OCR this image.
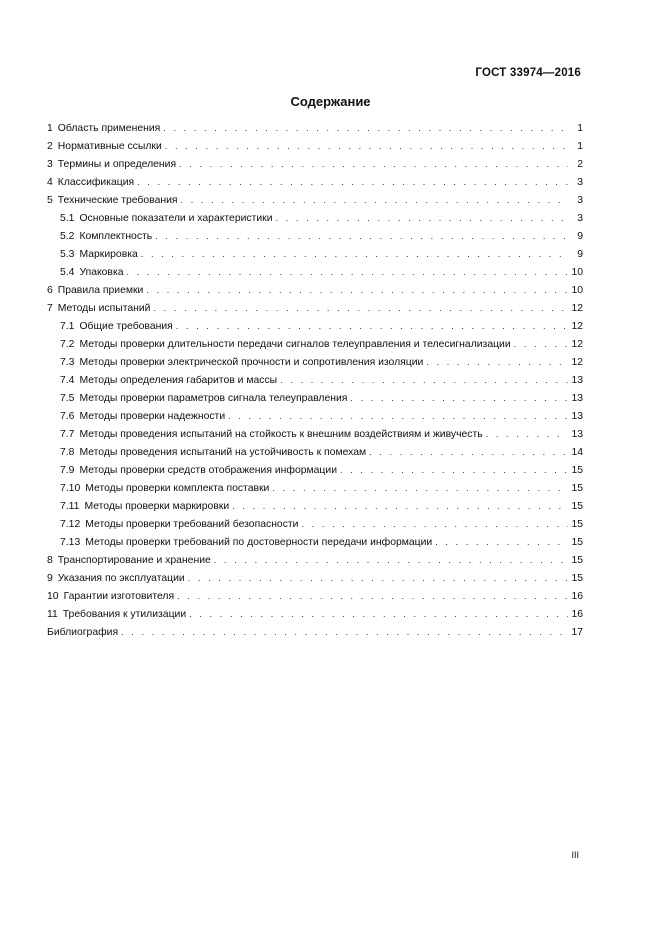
ГОСТ 33974—2016
Содержание
1 Область применения . . .	1
2 Нормативные ссылки . . .	1
3 Термины и определения . . .	2
4 Классификация . . .	3
5 Технические требования . . .	3
5.1 Основные показатели и характеристики . . .	3
5.2 Комплектность . . .	9
5.3 Маркировка . . .	9
5.4 Упаковка . . .	10
6 Правила приемки . . .	10
7 Методы испытаний . . .	12
7.1 Общие требования . . .	12
7.2 Методы проверки длительности передачи сигналов телеуправления и телесигнализации . . .	12
7.3 Методы проверки электрической прочности и сопротивления изоляции . . .	12
7.4 Методы определения габаритов и массы . . .	13
7.5 Методы проверки параметров сигнала телеуправления . . .	13
7.6 Методы проверки надежности . . .	13
7.7 Методы проведения испытаний на стойкость к внешним воздействиям и живучесть . . .	13
7.8 Методы проведения испытаний на устойчивость к помехам . . .	14
7.9 Методы проверки средств отображения информации . . .	15
7.10 Методы проверки комплекта поставки . . .	15
7.11 Методы проверки маркировки . . .	15
7.12 Методы проверки требований безопасности . . .	15
7.13 Методы проверки требований по достоверности передачи информации . . .	15
8 Транспортирование и хранение . . .	15
9 Указания по эксплуатации . . .	15
10 Гарантии изготовителя . . .	16
11 Требования к утилизации . . .	16
Библиография . . .	17
III
